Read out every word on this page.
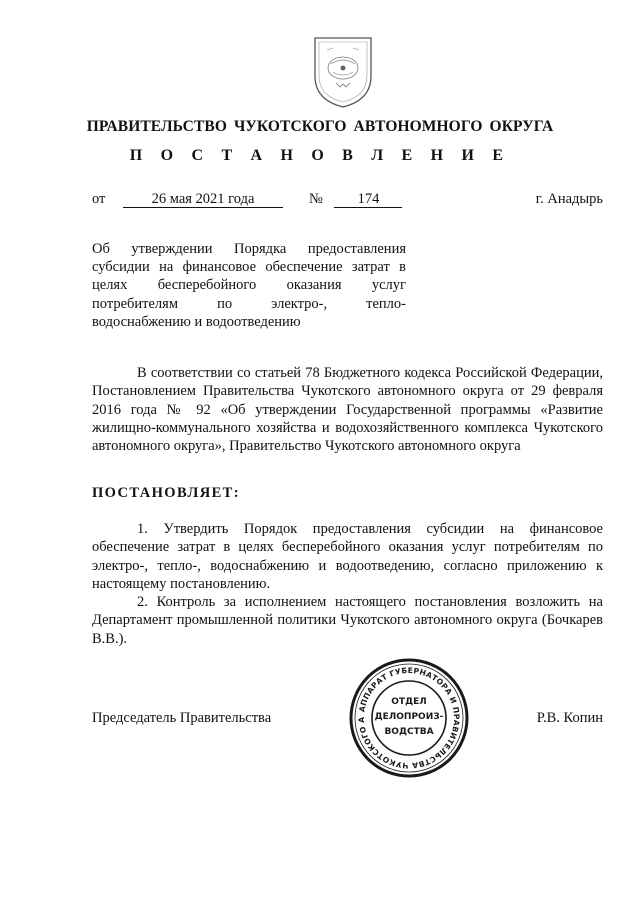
ПРАВИТЕЛЬСТВО ЧУКОТСКОГО АВТОНОМНОГО ОКРУГА
П О С Т А Н О В Л Е Н И Е
от	26 мая 2021 года	№ 174	г. Анадырь
Об утверждении Порядка предоставления
субсидии на финансовое обеспечение затрат в
целях бесперебойного оказания услуг
потребителям по электро-, тепло-
водоснабжению и водоотведению
В соответствии со статьей 78 Бюджетного кодекса Российской Федерации, Постановлением Правительства Чукотского автономного округа от 29 февраля 2016 года № 92 «Об утверждении Государственной программы «Развитие жилищно-коммунального хозяйства и водохозяйственного комплекса Чукотского автономного округа», Правительство Чукотского автономного округа
ПОСТАНОВЛЯЕТ:
1. Утвердить Порядок предоставления субсидии на финансовое обеспечение затрат в целях бесперебойного оказания услуг потребителям по электро-, тепло-, водоснабжению и водоотведению, согласно приложению к настоящему постановлению.
2. Контроль за исполнением настоящего постановления возложить на Департамент промышленной политики Чукотского автономного округа (Бочкарев В.В.).
Председатель Правительства	Р.В. Копин
АППАРАТ ГУБЕРНАТОРА И ПРАВИТЕЛЬСТВА ЧУКОТСКОГО А
ОТДЕЛ
ДЕЛОПРОИЗ-
ВОДСТВА
